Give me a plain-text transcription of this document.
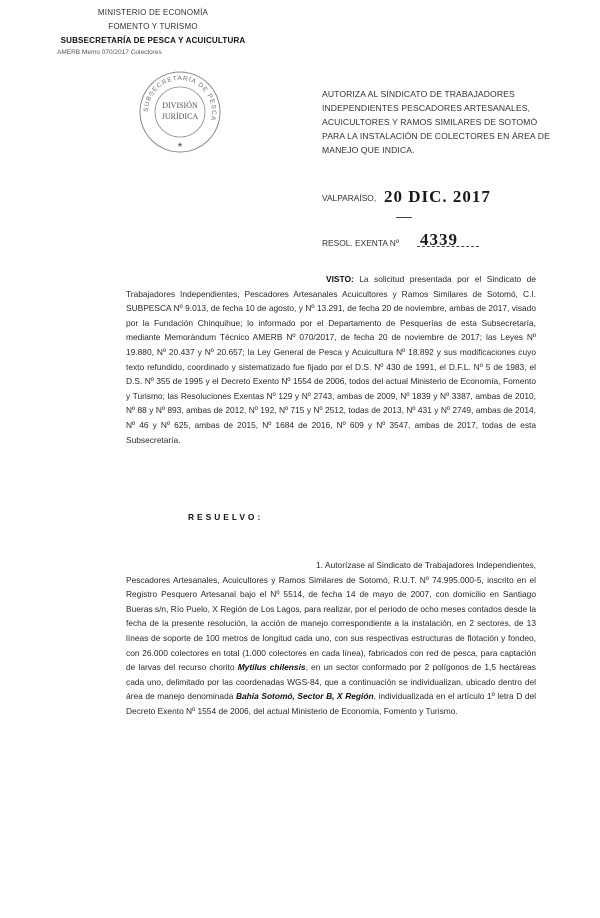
MINISTERIO DE ECONOMÍA
FOMENTO Y TURISMO
SUBSECRETARÍA DE PESCA Y ACUICULTURA
AMERB Memo 070/2017 Colectores
SUBSECRETARÍA DE PESCA
★
DIVISIÓN
JURÍDICA
AUTORIZA AL SINDICATO DE TRABAJADORES INDEPENDIENTES PESCADORES ARTESANALES, ACUICULTORES Y RAMOS SIMILARES DE SOTOMÓ PARA LA INSTALACIÓN DE COLECTORES EN ÁREA DE MANEJO QUE INDICA.
VALPARAÍSO, 20 DIC. 2017
RESOL. EXENTA Nº 4339
VISTO: La solicitud presentada por el Sindicato de Trabajadores Independientes, Pescadores Artesanales Acuicultores y Ramos Similares de Sotomó, C.I. SUBPESCA Nº 9.013, de fecha 10 de agosto, y Nº 13.291, de fecha 20 de noviembre, ambas de 2017, visado por la Fundación Chinquihue; lo informado por el Departamento de Pesquerías de esta Subsecretaría, mediante Memorándum Técnico AMERB Nº 070/2017, de fecha 20 de noviembre de 2017; las Leyes Nº 19.880, Nº 20.437 y Nº 20.657; la Ley General de Pesca y Acuicultura Nº 18.892 y sus modificaciones cuyo texto refundido, coordinado y sistematizado fue fijado por el D.S. Nº 430 de 1991, el D.F.L. Nº 5 de 1983, el D.S. Nº 355 de 1995 y el Decreto Exento Nº 1554 de 2006, todos del actual Ministerio de Economía, Fomento y Turismo; las Resoluciones Exentas Nº 129 y Nº 2743, ambas de 2009, Nº 1839 y Nº 3387, ambas de 2010, Nº 88 y Nº 893, ambas de 2012, Nº 192, Nº 715 y Nº 2512, todas de 2013, Nº 431 y Nº 2749, ambas de 2014, Nº 46 y Nº 625, ambas de 2015, Nº 1684 de 2016, Nº 609 y Nº 3547, ambas de 2017, todas de esta Subsecretaría.
RESUELVO:
1. Autorízase al Sindicato de Trabajadores Independientes, Pescadores Artesanales, Acuicultores y Ramos Similares de Sotomó, R.U.T. Nº 74.995.000-5, inscrito en el Registro Pesquero Artesanal bajo el Nº 5514, de fecha 14 de mayo de 2007, con domicilio en Santiago Bueras s/n, Río Puelo, X Región de Los Lagos, para realizar, por el periodo de ocho meses contados desde la fecha de la presente resolución, la acción de manejo correspondiente a la instalación, en 2 sectores, de 13 líneas de soporte de 100 metros de longitud cada uno, con sus respectivas estructuras de flotación y fondeo, con 26.000 colectores en total (1.000 colectores en cada línea), fabricados con red de pesca, para captación de larvas del recurso chorito Mytilus chilensis, en un sector conformado por 2 polígonos de 1,5 hectáreas cada uno, delimitado por las coordenadas WGS-84, que a continuación se individualizan, ubicado dentro del área de manejo denominada Bahía Sotomó, Sector B, X Región, individualizada en el artículo 1º letra D del Decreto Exento Nº 1554 de 2006, del actual Ministerio de Economía, Fomento y Turismo.
